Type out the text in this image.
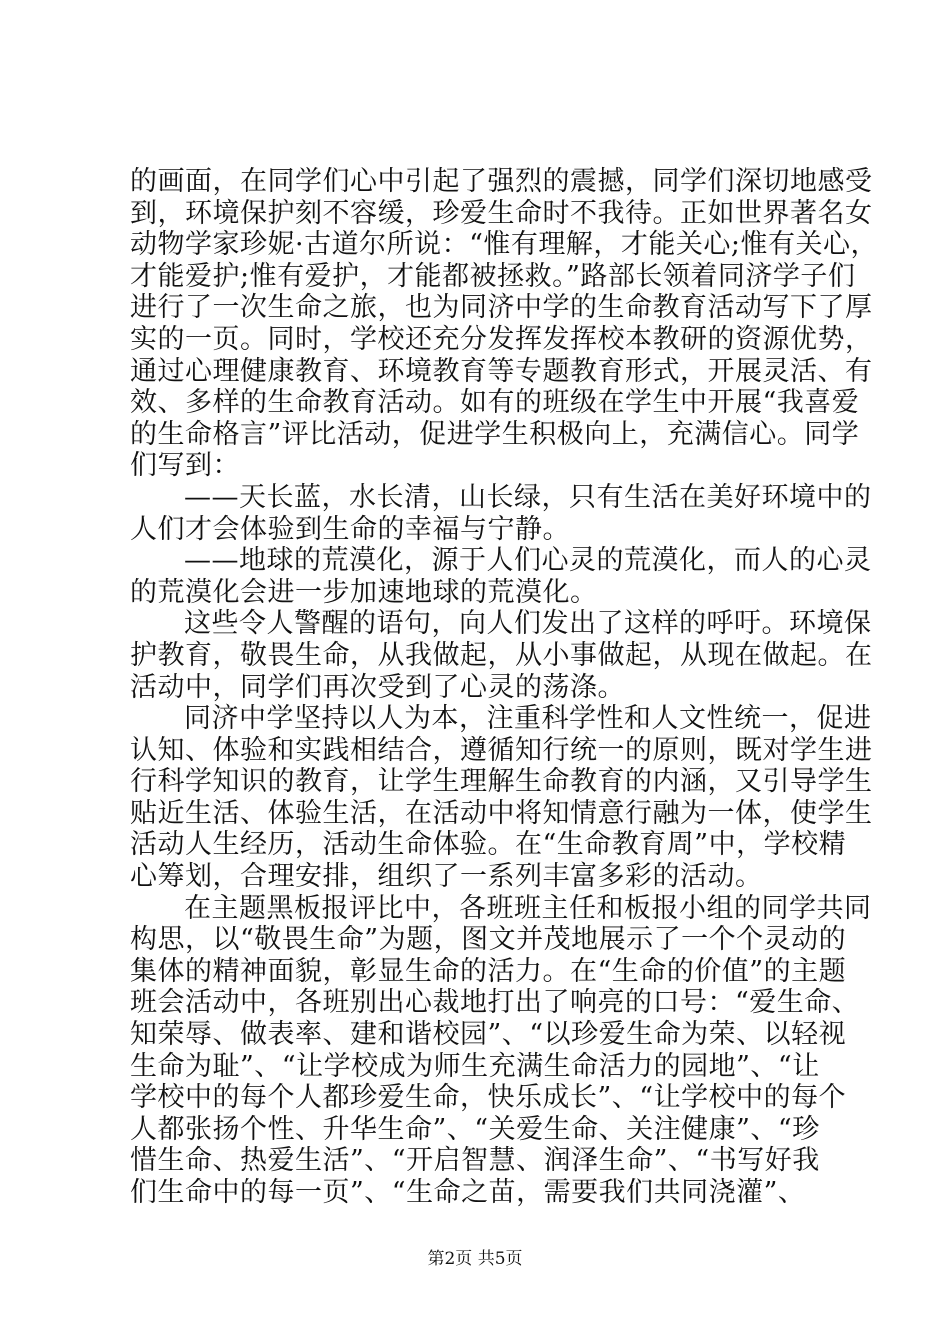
的画面，在同学们心中引起了强烈的震撼，同学们深切地感受
到，环境保护刻不容缓，珍爱生命时不我待。正如世界著名女
动物学家珍妮·古道尔所说：“惟有理解，才能关心;惟有关心，
才能爱护;惟有爱护，才能都被拯救。”路部长领着同济学子们
进行了一次生命之旅，也为同济中学的生命教育活动写下了厚
实的一页。同时，学校还充分发挥发挥校本教研的资源优势，
通过心理健康教育、环境教育等专题教育形式，开展灵活、有
效、多样的生命教育活动。如有的班级在学生中开展“我喜爱
的生命格言”评比活动，促进学生积极向上，充满信心。同学
们写到：
——天长蓝，水长清，山长绿，只有生活在美好环境中的
人们才会体验到生命的幸福与宁静。
——地球的荒漠化，源于人们心灵的荒漠化，而人的心灵
的荒漠化会进一步加速地球的荒漠化。
这些令人警醒的语句，向人们发出了这样的呼吁。环境保
护教育，敬畏生命，从我做起，从小事做起，从现在做起。在
活动中，同学们再次受到了心灵的荡涤。
同济中学坚持以人为本，注重科学性和人文性统一，促进
认知、体验和实践相结合，遵循知行统一的原则，既对学生进
行科学知识的教育，让学生理解生命教育的内涵，又引导学生
贴近生活、体验生活，在活动中将知情意行融为一体，使学生
活动人生经历，活动生命体验。在“生命教育周”中，学校精
心筹划，合理安排，组织了一系列丰富多彩的活动。
在主题黑板报评比中，各班班主任和板报小组的同学共同
构思，以“敬畏生命”为题，图文并茂地展示了一个个灵动的
集体的精神面貌，彰显生命的活力。在“生命的价值”的主题
班会活动中，各班别出心裁地打出了响亮的口号：“爱生命、
知荣辱、做表率、建和谐校园”、“以珍爱生命为荣、以轻视
生命为耻”、“让学校成为师生充满生命活力的园地”、“让
学校中的每个人都珍爱生命，快乐成长”、“让学校中的每个
人都张扬个性、升华生命”、“关爱生命、关注健康”、“珍
惜生命、热爱生活”、“开启智慧、润泽生命”、“书写好我
们生命中的每一页”、“生命之苗，需要我们共同浇灌”、
第2页 共5页
